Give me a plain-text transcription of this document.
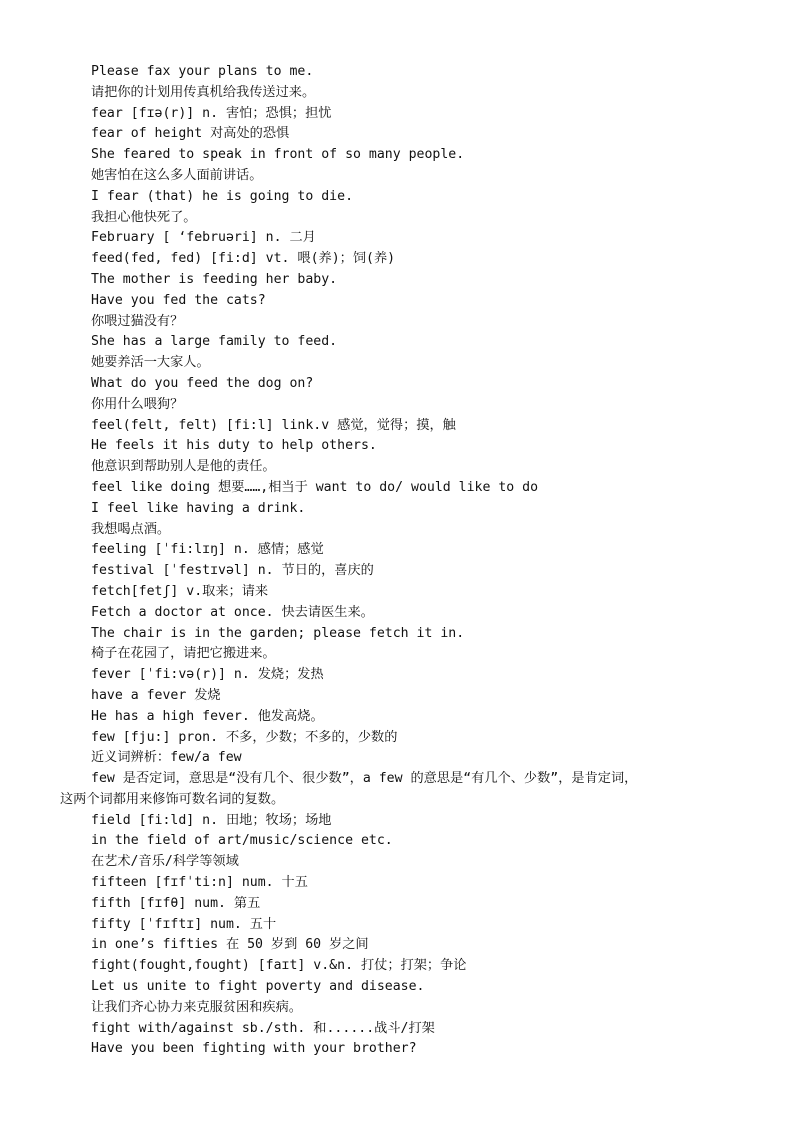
Please fax your plans to me.
请把你的计划用传真机给我传送过来。
fear [fɪə(r)] n. 害怕；恐惧；担忧
fear of height 对高处的恐惧
She feared to speak in front of so many people.
她害怕在这么多人面前讲话。
I fear (that) he is going to die.
我担心他快死了。
February [ ‘februəri] n. 二月
feed(fed, fed) [fi:d] vt. 喂(养)；饲(养)
The mother is feeding her baby.
Have you fed the cats?
你喂过猫没有？
She has a large family to feed.
她要养活一大家人。
What do you feed the dog on?
你用什么喂狗？
feel(felt, felt) [fi:l] link.v 感觉，觉得；摸，触
He feels it his duty to help others.
他意识到帮助别人是他的责任。
feel like doing 想要……,相当于 want to do/ would like to do
I feel like having a drink.
我想喝点酒。
feeling [ˈfi:lɪŋ] n. 感情；感觉
festival [ˈfestɪvəl] n. 节日的，喜庆的
fetch[fetʃ] v.取来；请来
Fetch a doctor at once. 快去请医生来。
The chair is in the garden; please fetch it in.
椅子在花园了，请把它搬进来。
fever [ˈfi:və(r)] n. 发烧；发热
have a fever 发烧
He has a high fever. 他发高烧。
few [fju:] pron. 不多，少数；不多的，少数的
近义词辨析：few/a few
few 是否定词，意思是“没有几个、很少数”，a few 的意思是“有几个、少数”，是肯定词，
这两个词都用来修饰可数名词的复数。
field [fi:ld] n. 田地；牧场；场地
in the field of art/music/science etc.
在艺术/音乐/科学等领域
fifteen [fɪfˈti:n] num. 十五
fifth [fɪfθ] num. 第五
fifty [ˈfɪftɪ] num. 五十
in one’s fifties 在 50 岁到 60 岁之间
fight(fought,fought) [faɪt] v.&n. 打仗；打架；争论
Let us unite to fight poverty and disease.
让我们齐心协力来克服贫困和疾病。
fight with/against sb./sth. 和......战斗/打架
Have you been fighting with your brother?
